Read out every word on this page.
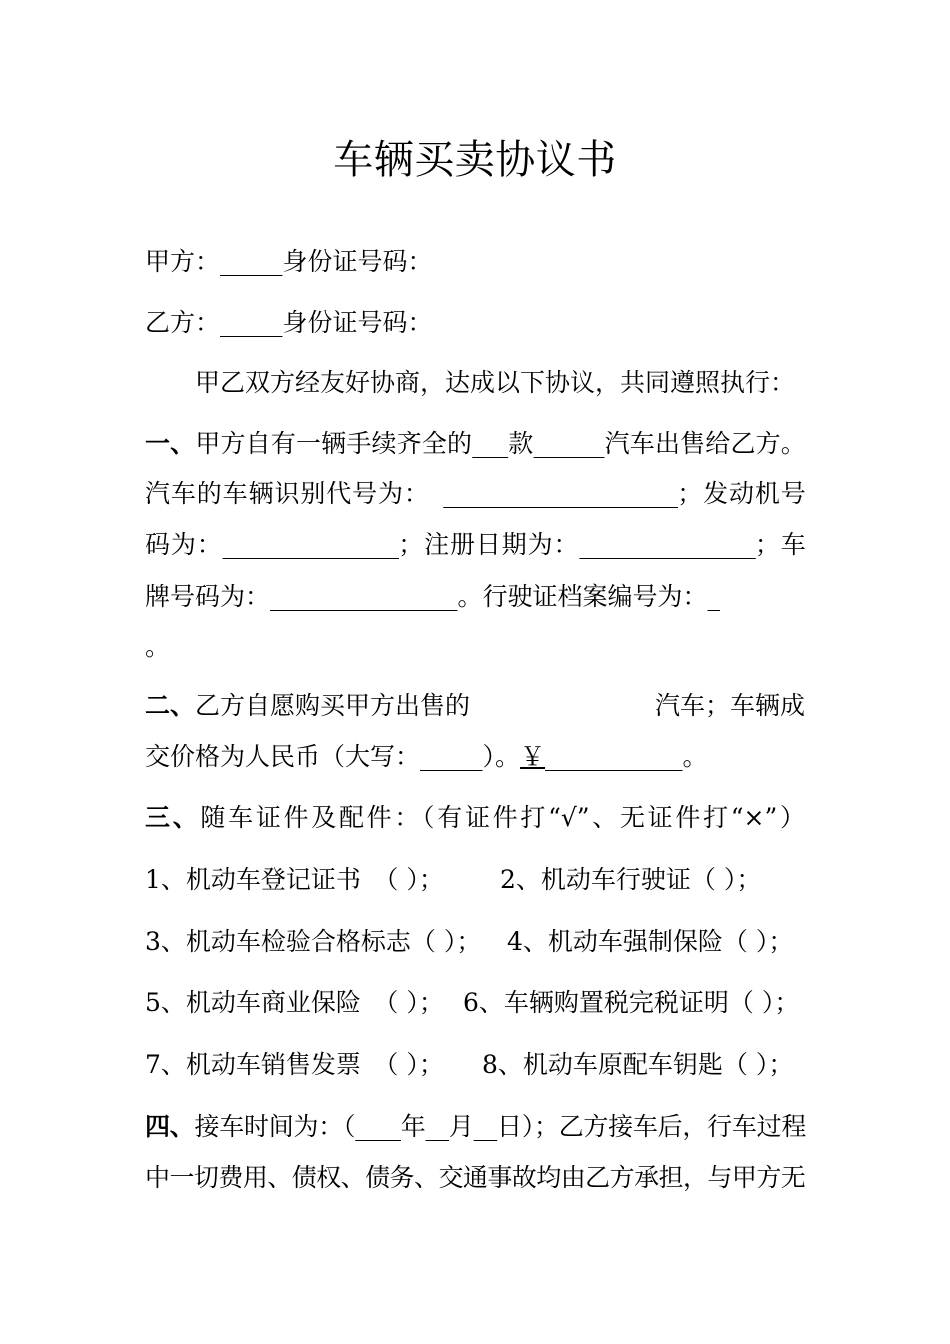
车辆买卖协议书
甲方：_____身份证号码：
乙方：_____身份证号码：
甲乙双方经友好协商，达成以下协议，共同遵照执行：
一、甲方自有一辆手续齐全的___款______汽车出售给乙方。
汽车的车辆识别代号为：　____________________；发动机号
码为：_______________；注册日期为：_______________；车
牌号码为：_______________。行驶证档案编号为：_
。
二、乙方自愿购买甲方出售的	汽车；车辆成
交价格为人民币（大写：_____）。￥___________。
三、随车证件及配件：（有证件打“√”、无证件打“×”）
1、机动车登记证书　（ ）； 2、机动车行驶证（ ）；
3、机动车检验合格标志（ ）； 4、机动车强制保险（ ）；
5、机动车商业保险　（ ）； 6、车辆购置税完税证明（ ）；
7、机动车销售发票　（ ）； 8、机动车原配车钥匙（ ）；
四、接车时间为：（____年__月__日）；乙方接车后，行车过程
中一切费用、债权、债务、交通事故均由乙方承担，与甲方无
